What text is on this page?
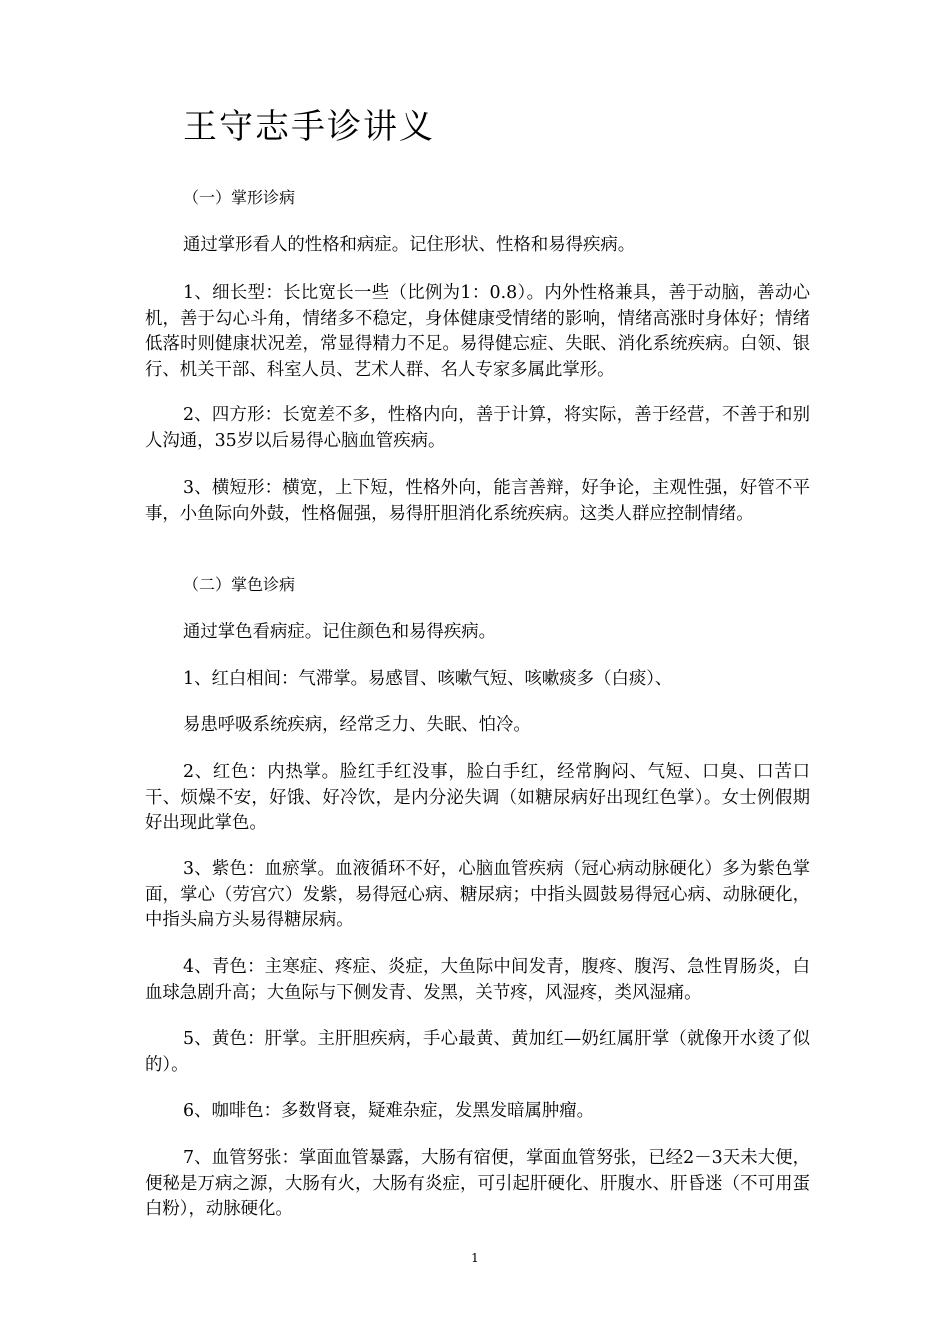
王守志手诊讲义
（一）掌形诊病

通过掌形看人的性格和病症。记住形状、性格和易得疾病。

1、细长型：长比宽长一些（比例为1：0.8）。内外性格兼具，善于动脑，善动心机，善于勾心斗角，情绪多不稳定，身体健康受情绪的影响，情绪高涨时身体好；情绪低落时则健康状况差，常显得精力不足。易得健忘症、失眠、消化系统疾病。白领、银行、机关干部、科室人员、艺术人群、名人专家多属此掌形。

2、四方形：长宽差不多，性格内向，善于计算，将实际，善于经营，不善于和别人沟通，35岁以后易得心脑血管疾病。

3、横短形：横宽，上下短，性格外向，能言善辩，好争论，主观性强，好管不平事，小鱼际向外鼓，性格倔强，易得肝胆消化系统疾病。这类人群应控制情绪。

（二）掌色诊病

通过掌色看病症。记住颜色和易得疾病。

1、红白相间：气滞掌。易感冒、咳嗽气短、咳嗽痰多（白痰）、

易患呼吸系统疾病，经常乏力、失眠、怕冷。

2、红色：内热掌。脸红手红没事，脸白手红，经常胸闷、气短、口臭、口苦口干、烦燥不安，好饿、好冷饮，是内分泌失调（如糖尿病好出现红色掌）。女士例假期好出现此掌色。

3、紫色：血瘀掌。血液循环不好，心脑血管疾病（冠心病动脉硬化）多为紫色掌面，掌心（劳宫穴）发紫，易得冠心病、糖尿病；中指头圆鼓易得冠心病、动脉硬化，中指头扁方头易得糖尿病。

4、青色：主寒症、疼症、炎症，大鱼际中间发青，腹疼、腹泻、急性胃肠炎，白血球急剧升高；大鱼际与下侧发青、发黑，关节疼，风湿疼，类风湿痛。

5、黄色：肝掌。主肝胆疾病，手心最黄、黄加红—奶红属肝掌（就像开水烫了似的）。

6、咖啡色：多数肾衰，疑难杂症，发黑发暗属肿瘤。

7、血管努张：掌面血管暴露，大肠有宿便，掌面血管努张，已经2－3天未大便，便秘是万病之源，大肠有火，大肠有炎症，可引起肝硬化、肝腹水、肝昏迷（不可用蛋白粉），动脉硬化。

1
